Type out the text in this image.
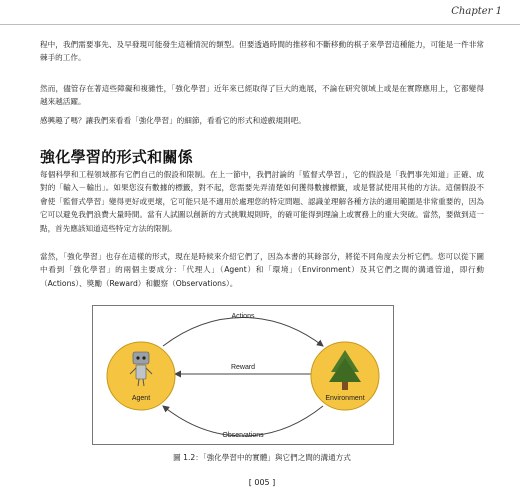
Chapter 1

程中，我們需要事先、及早發現可能發生這種情況的類型。但要透過時間的推移和不斷移動的棋子來學習這種能力，可能是一件非常棘手的工作。

然而，儘管存在著這些障礙和複雜性，「強化學習」近年來已經取得了巨大的進展，不論在研究領域上或是在實際應用上，它都變得越來越活躍。

感興趣了嗎？讓我們來看看「強化學習」的細節，看看它的形式和遊戲規則吧。

強化學習的形式和關係

每個科學和工程領域都有它們自己的假設和限制。在上一節中，我們討論的「監督式學習」，它的假設是「我們事先知道」正確、成對的「輸入－輸出」。如果您沒有數據的標籤，對不起，您需要先弄清楚如何獲得數據標籤，或是嘗試使用其他的方法。這個假設不會使「監督式學習」變得更好或更壞，它可能只是不適用於處理您的特定問題、認識並理解各種方法的適用範圍是非常重要的，因為它可以避免我們浪費大量時間。當有人試圖以創新的方式挑戰規則時，的確可能得到理論上或實務上的重大突破。當然，要做到這一點，首先應該知道這些特定方法的限制。

當然，「強化學習」也存在這樣的形式，現在是時候來介紹它們了，因為本書的其餘部分，將從不同角度去分析它們。您可以從下圖中看到「強化學習」的兩個主要成分：「代理人」（Agent）和「環境」（Environment）及其它們之間的溝通管道，即行動（Actions）、獎勵（Reward）和觀察（Observations）。

Actions
Reward
Observations
Agent	Environment
圖 1.2：「強化學習中的實體」與它們之間的溝通方式
[ 005 ]
